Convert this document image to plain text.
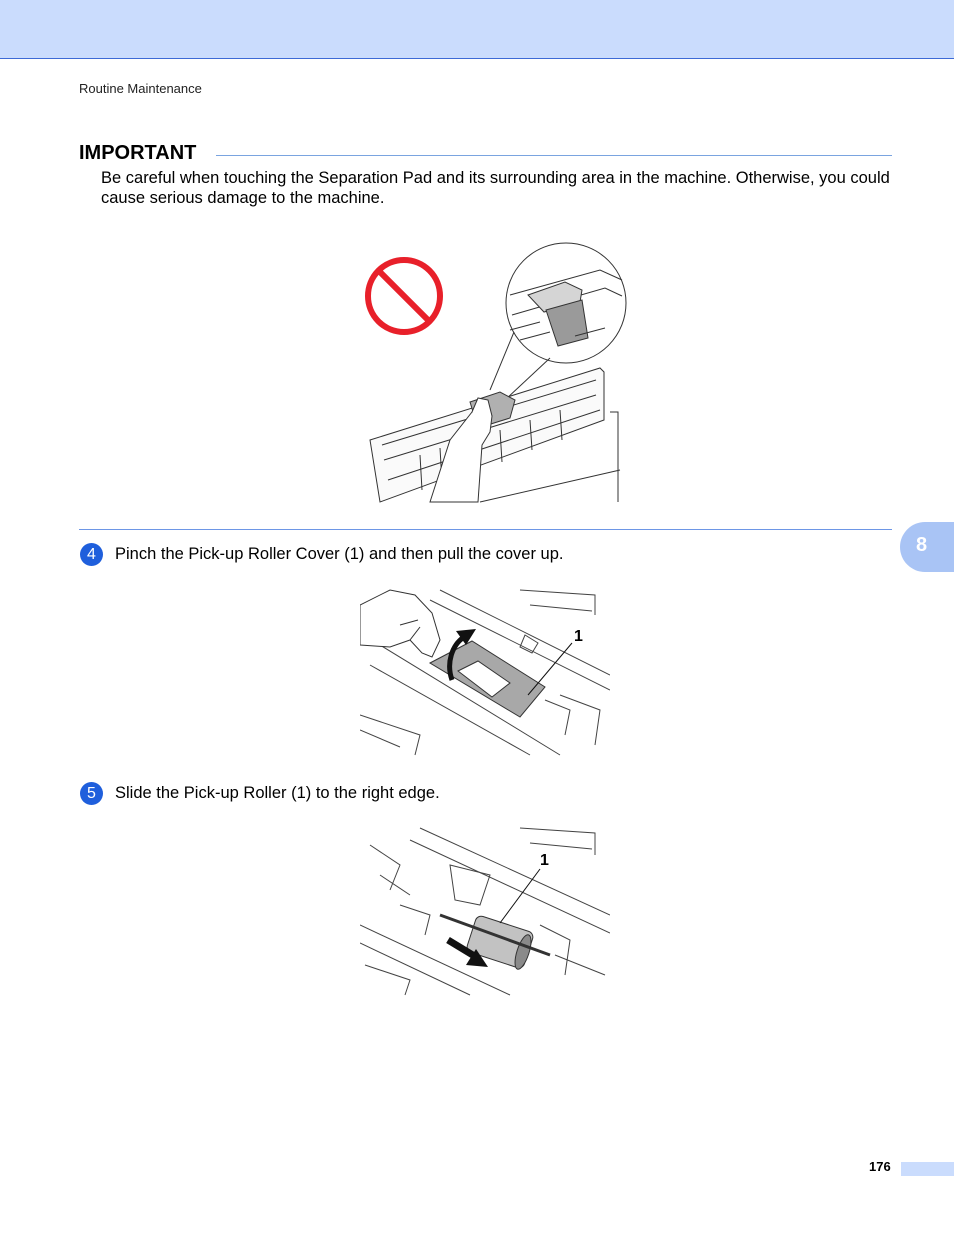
Routine Maintenance
IMPORTANT
Be careful when touching the Separation Pad and its surrounding area in the machine. Otherwise, you could cause serious damage to the machine.
8
4	Pinch the Pick-up Roller Cover (1) and then pull the cover up.
1
5	Slide the Pick-up Roller (1) to the right edge.
1
176
